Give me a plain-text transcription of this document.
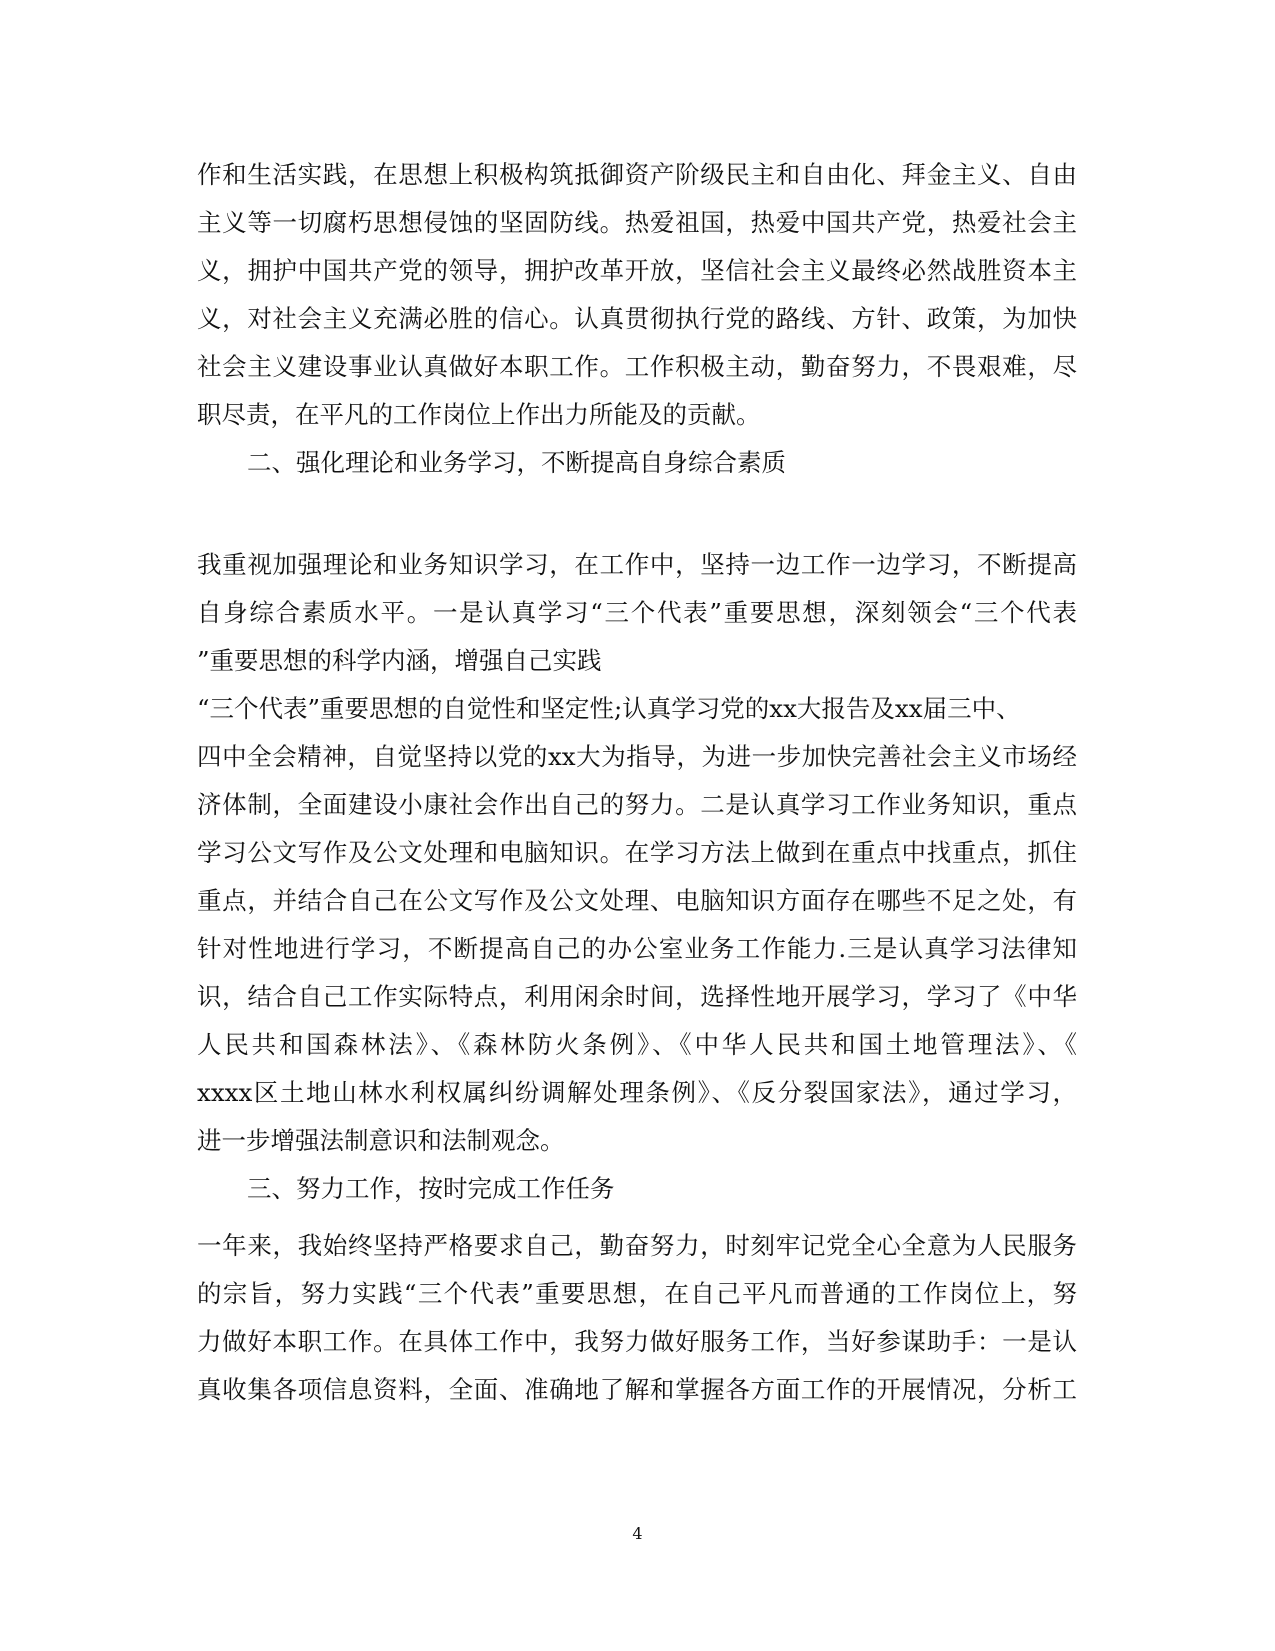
作和生活实践，在思想上积极构筑抵御资产阶级民主和自由化、拜金主义、自由
主义等一切腐朽思想侵蚀的坚固防线。热爱祖国，热爱中国共产党，热爱社会主
义，拥护中国共产党的领导，拥护改革开放，坚信社会主义最终必然战胜资本主
义，对社会主义充满必胜的信心。认真贯彻执行党的路线、方针、政策，为加快
社会主义建设事业认真做好本职工作。工作积极主动，勤奋努力，不畏艰难，尽
职尽责，在平凡的工作岗位上作出力所能及的贡献。
二、强化理论和业务学习，不断提高自身综合素质
我重视加强理论和业务知识学习，在工作中，坚持一边工作一边学习，不断提高
自身综合素质水平。一是认真学习“三个代表”重要思想，深刻领会“三个代表
”重要思想的科学内涵，增强自己实践
“三个代表”重要思想的自觉性和坚定性;认真学习党的xx大报告及xx届三中、
四中全会精神，自觉坚持以党的xx大为指导，为进一步加快完善社会主义市场经
济体制，全面建设小康社会作出自己的努力。二是认真学习工作业务知识，重点
学习公文写作及公文处理和电脑知识。在学习方法上做到在重点中找重点，抓住
重点，并结合自己在公文写作及公文处理、电脑知识方面存在哪些不足之处，有
针对性地进行学习，不断提高自己的办公室业务工作能力.三是认真学习法律知
识，结合自己工作实际特点，利用闲余时间，选择性地开展学习，学习了《中华
人民共和国森林法》、《森林防火条例》、《中华人民共和国土地管理法》、《
xxxx区土地山林水利权属纠纷调解处理条例》、《反分裂国家法》，通过学习，
进一步增强法制意识和法制观念。
三、努力工作，按时完成工作任务
一年来，我始终坚持严格要求自己，勤奋努力，时刻牢记党全心全意为人民服务
的宗旨，努力实践“三个代表”重要思想，在自己平凡而普通的工作岗位上，努
力做好本职工作。在具体工作中，我努力做好服务工作，当好参谋助手：一是认
真收集各项信息资料，全面、准确地了解和掌握各方面工作的开展情况，分析工
4
